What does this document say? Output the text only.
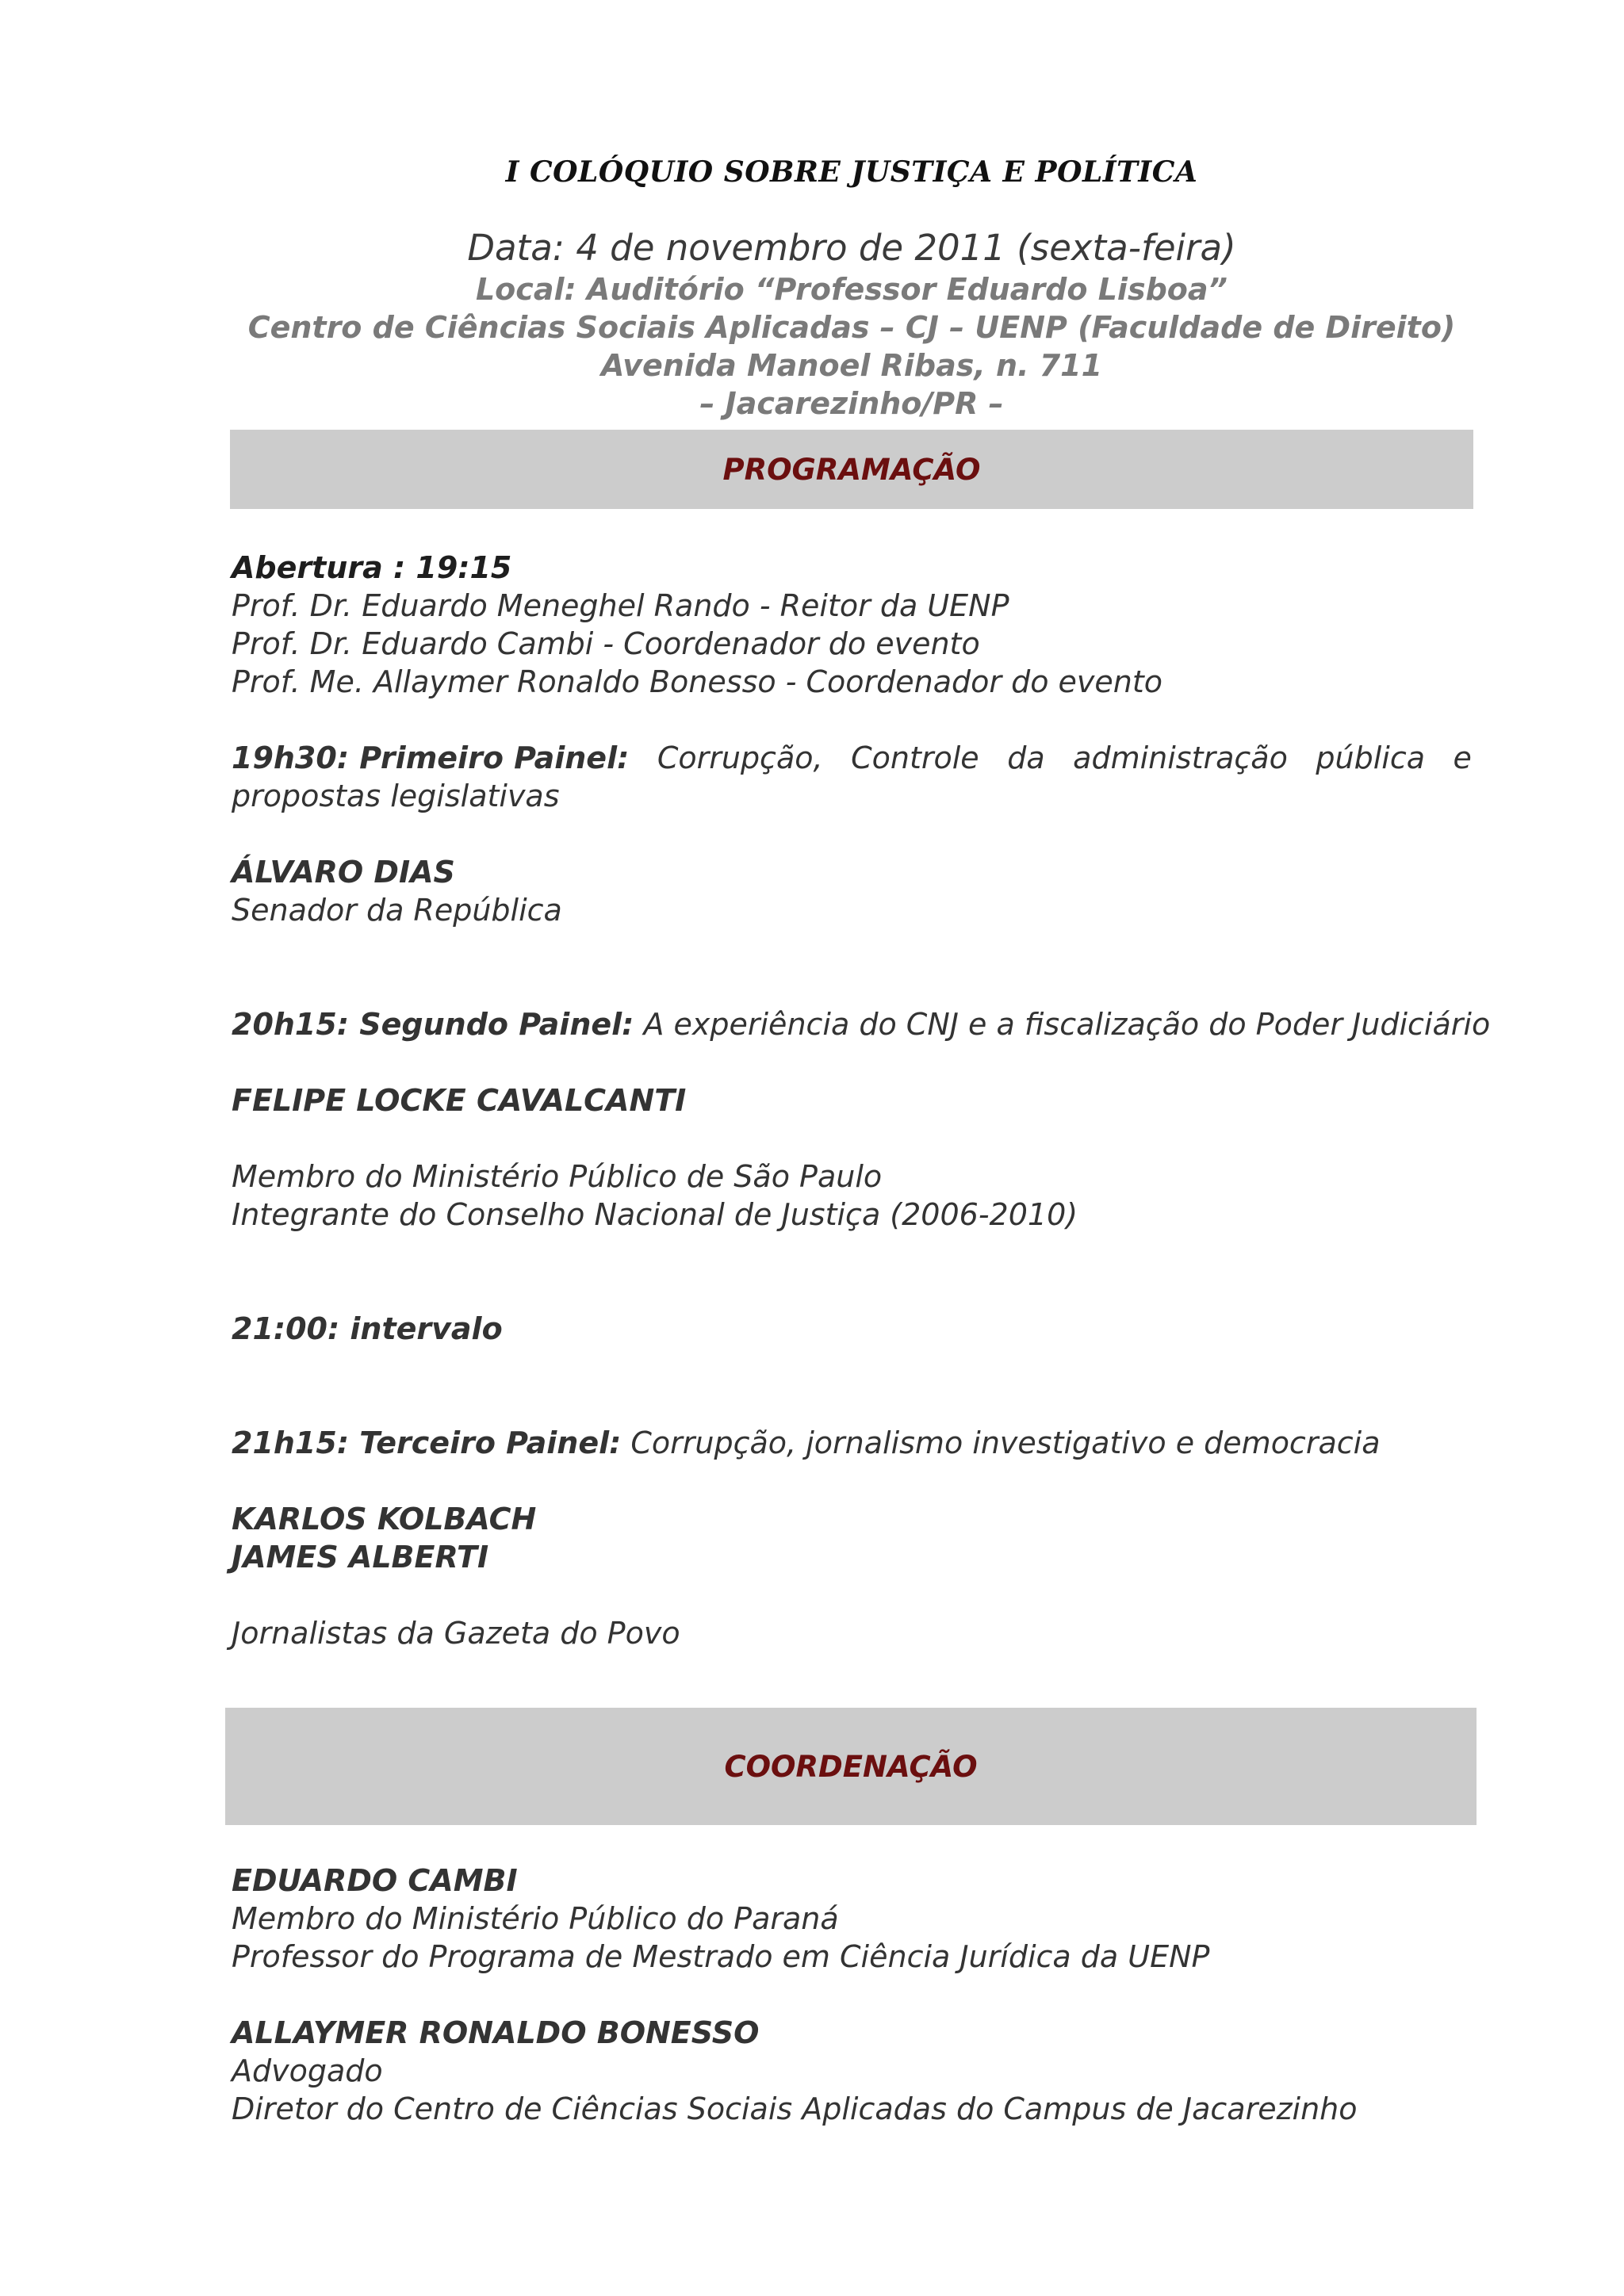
I COLÓQUIO SOBRE JUSTIÇA E POLÍTICA
Data: 4 de novembro de 2011 (sexta-feira)
Local: Auditório “Professor Eduardo Lisboa”
Centro de Ciências Sociais Aplicadas – CJ – UENP (Faculdade de Direito)
Avenida Manoel Ribas, n. 711
– Jacarezinho/PR –
PROGRAMAÇÃO
Abertura : 19:15
Prof. Dr. Eduardo Meneghel Rando - Reitor da UENP
Prof. Dr. Eduardo Cambi - Coordenador do evento
Prof. Me. Allaymer Ronaldo Bonesso - Coordenador do evento
19h30: Primeiro Painel: Corrupção, Controle da administração pública e
propostas legislativas
ÁLVARO DIAS
Senador da República
20h15: Segundo Painel: A experiência do CNJ e a fiscalização do Poder Judiciário
FELIPE LOCKE CAVALCANTI
Membro do Ministério Público de São Paulo
Integrante do Conselho Nacional de Justiça (2006-2010)
21:00: intervalo
21h15: Terceiro Painel: Corrupção, jornalismo investigativo e democracia
KARLOS KOLBACH
JAMES ALBERTI
Jornalistas da Gazeta do Povo
COORDENAÇÃO
EDUARDO CAMBI
Membro do Ministério Público do Paraná
Professor do Programa de Mestrado em Ciência Jurídica da UENP
ALLAYMER RONALDO BONESSO
Advogado
Diretor do Centro de Ciências Sociais Aplicadas do Campus de Jacarezinho
